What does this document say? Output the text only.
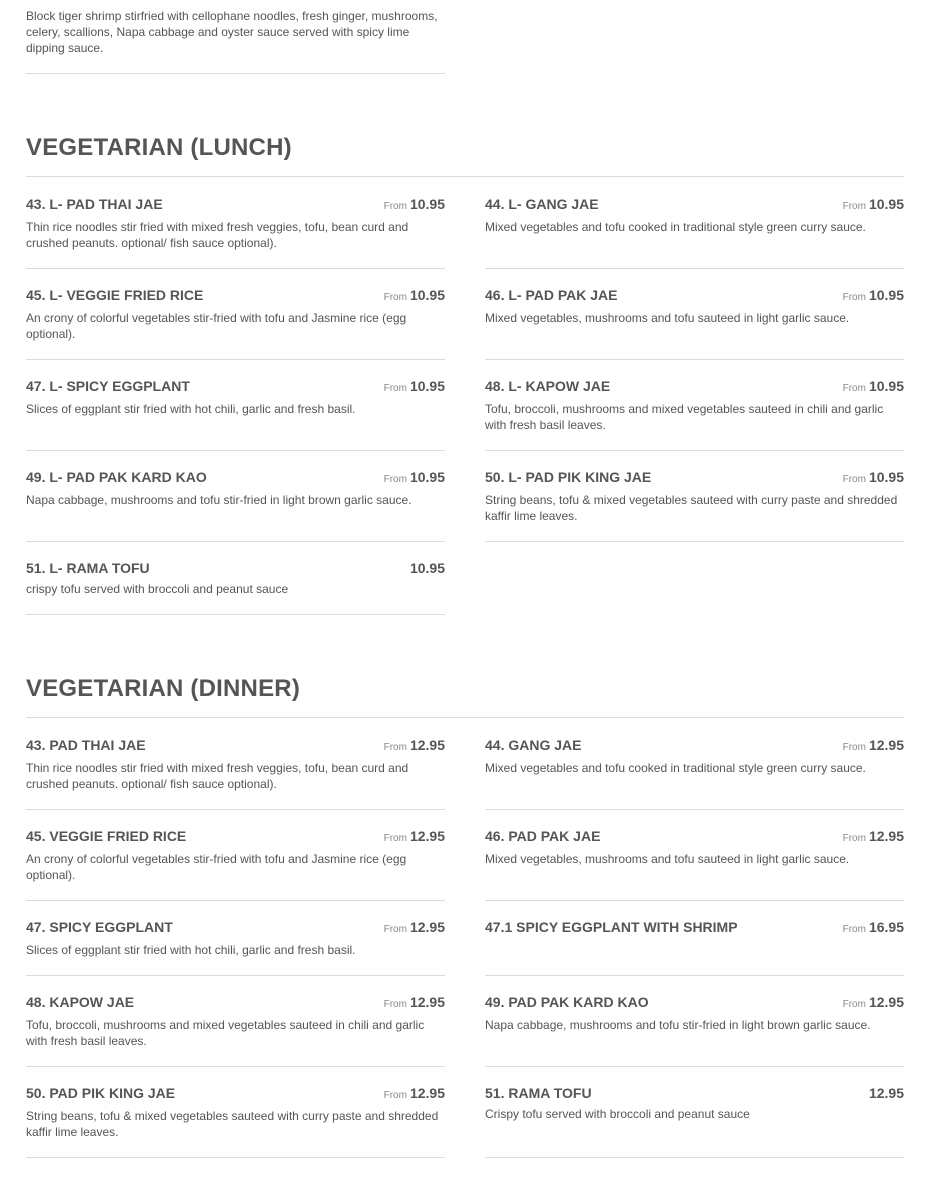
Block tiger shrimp stirfried with cellophane noodles, fresh ginger, mushrooms, celery, scallions, Napa cabbage and oyster sauce served with spicy lime dipping sauce.
VEGETARIAN (LUNCH)
43. L- PAD THAI JAE	From 10.95
Thin rice noodles stir fried with mixed fresh veggies, tofu, bean curd and crushed peanuts. optional/ fish sauce optional).
44. L- GANG JAE	From 10.95
Mixed vegetables and tofu cooked in traditional style green curry sauce.
45. L- VEGGIE FRIED RICE	From 10.95
An crony of colorful vegetables stir-fried with tofu and Jasmine rice (egg optional).
46. L- PAD PAK JAE	From 10.95
Mixed vegetables, mushrooms and tofu sauteed in light garlic sauce.
47. L- SPICY EGGPLANT	From 10.95
Slices of eggplant stir fried with hot chili, garlic and fresh basil.
48. L- KAPOW JAE	From 10.95
Tofu, broccoli, mushrooms and mixed vegetables sauteed in chili and garlic with fresh basil leaves.
49. L- PAD PAK KARD KAO	From 10.95
Napa cabbage, mushrooms and tofu stir-fried in light brown garlic sauce.
50. L- PAD PIK KING JAE	From 10.95
String beans, tofu & mixed vegetables sauteed with curry paste and shredded kaffir lime leaves.
51. L- RAMA TOFU	10.95
crispy tofu served with broccoli and peanut sauce
VEGETARIAN (DINNER)
43. PAD THAI JAE	From 12.95
Thin rice noodles stir fried with mixed fresh veggies, tofu, bean curd and crushed peanuts. optional/ fish sauce optional).
44. GANG JAE	From 12.95
Mixed vegetables and tofu cooked in traditional style green curry sauce.
45. VEGGIE FRIED RICE	From 12.95
An crony of colorful vegetables stir-fried with tofu and Jasmine rice (egg optional).
46. PAD PAK JAE	From 12.95
Mixed vegetables, mushrooms and tofu sauteed in light garlic sauce.
47. SPICY EGGPLANT	From 12.95
Slices of eggplant stir fried with hot chili, garlic and fresh basil.
47.1 SPICY EGGPLANT WITH SHRIMP	From 16.95
48. KAPOW JAE	From 12.95
Tofu, broccoli, mushrooms and mixed vegetables sauteed in chili and garlic with fresh basil leaves.
49. PAD PAK KARD KAO	From 12.95
Napa cabbage, mushrooms and tofu stir-fried in light brown garlic sauce.
50. PAD PIK KING JAE	From 12.95
String beans, tofu & mixed vegetables sauteed with curry paste and shredded kaffir lime leaves.
51. RAMA TOFU	12.95
Crispy tofu served with broccoli and peanut sauce
